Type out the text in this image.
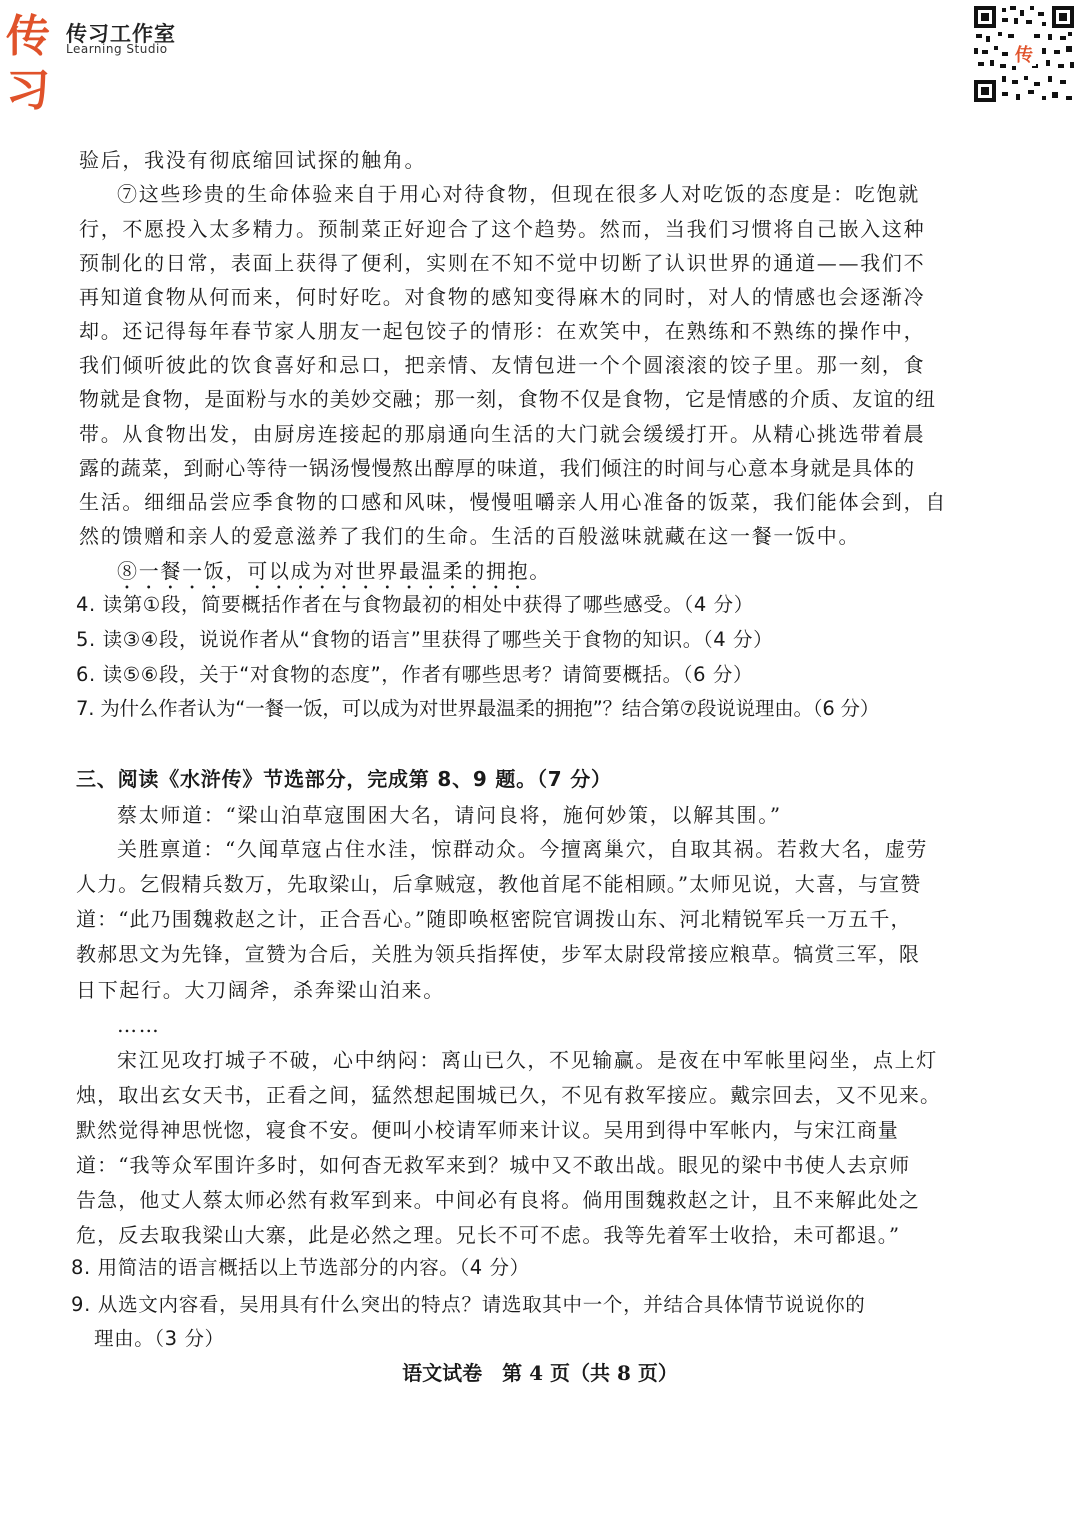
传习
传习工作室
Learning Studio	传
验后，我没有彻底缩回试探的触角。
⑦这些珍贵的生命体验来自于用心对待食物，但现在很多人对吃饭的态度是：吃饱就
行，不愿投入太多精力。预制菜正好迎合了这个趋势。然而，当我们习惯将自己嵌入这种
预制化的日常，表面上获得了便利，实则在不知不觉中切断了认识世界的通道——我们不
再知道食物从何而来，何时好吃。对食物的感知变得麻木的同时，对人的情感也会逐渐冷
却。还记得每年春节家人朋友一起包饺子的情形：在欢笑中，在熟练和不熟练的操作中，
我们倾听彼此的饮食喜好和忌口，把亲情、友情包进一个个圆滚滚的饺子里。那一刻，食
物就是食物，是面粉与水的美妙交融；那一刻，食物不仅是食物，它是情感的介质、友谊的纽
带。从食物出发，由厨房连接起的那扇通向生活的大门就会缓缓打开。从精心挑选带着晨
露的蔬菜，到耐心等待一锅汤慢慢熬出醇厚的味道，我们倾注的时间与心意本身就是具体的
生活。细细品尝应季食物的口感和风味，慢慢咀嚼亲人用心准备的饭菜，我们能体会到，自
然的馈赠和亲人的爱意滋养了我们的生命。生活的百般滋味就藏在这一餐一饭中。
⑧一餐一饭，可以成为对世界最温柔的拥抱。
4. 读第①段，简要概括作者在与食物最初的相处中获得了哪些感受。（4 分）
5. 读③④段，说说作者从“食物的语言”里获得了哪些关于食物的知识。（4 分）
6. 读⑤⑥段，关于“对食物的态度”，作者有哪些思考？请简要概括。（6 分）
7. 为什么作者认为“一餐一饭，可以成为对世界最温柔的拥抱”？结合第⑦段说说理由。（6 分）
三、阅读《水浒传》节选部分，完成第 8、9 题。（7 分）
蔡太师道：“梁山泊草寇围困大名，请问良将，施何妙策，以解其围。”
关胜禀道：“久闻草寇占住水洼，惊群动众。今擅离巢穴，自取其祸。若救大名，虚劳
人力。乞假精兵数万，先取梁山，后拿贼寇，教他首尾不能相顾。”太师见说，大喜，与宣赞
道：“此乃围魏救赵之计，正合吾心。”随即唤枢密院官调拨山东、河北精锐军兵一万五千，
教郝思文为先锋，宣赞为合后，关胜为领兵指挥使，步军太尉段常接应粮草。犒赏三军，限
日下起行。大刀阔斧，杀奔梁山泊来。
……
宋江见攻打城子不破，心中纳闷：离山已久，不见输赢。是夜在中军帐里闷坐，点上灯
烛，取出玄女天书，正看之间，猛然想起围城已久，不见有救军接应。戴宗回去，又不见来。
默然觉得神思恍惚，寝食不安。便叫小校请军师来计议。吴用到得中军帐内，与宋江商量
道：“我等众军围许多时，如何杳无救军来到？城中又不敢出战。眼见的梁中书使人去京师
告急，他丈人蔡太师必然有救军到来。中间必有良将。倘用围魏救赵之计，且不来解此处之
危，反去取我梁山大寨，此是必然之理。兄长不可不虑。我等先着军士收拾，未可都退。”
8. 用简洁的语言概括以上节选部分的内容。（4 分）
9. 从选文内容看，吴用具有什么突出的特点？请选取其中一个，并结合具体情节说说你的
理由。（3 分）
语文试卷　第 4 页（共 8 页）
